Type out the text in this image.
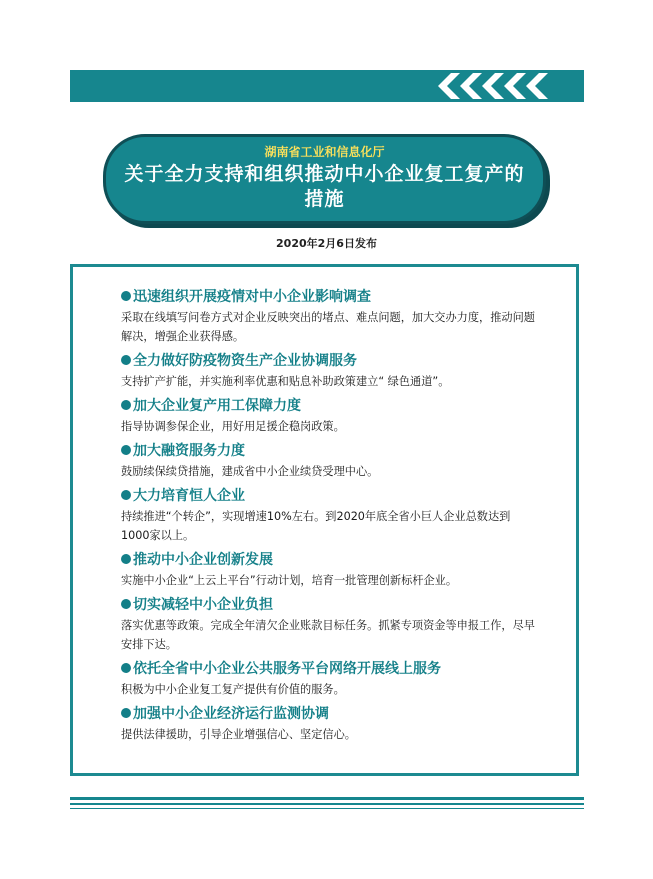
湖南省工业和信息化厅
关于全力支持和组织推动中小企业复工复产的措施
2020年2月6日发布

迅速组织开展疫情对中小企业影响调查

采取在线填写问卷方式对企业反映突出的堵点、难点问题，加大交办力度，推动问题解决，增强企业获得感。

全力做好防疫物资生产企业协调服务

支持扩产扩能，并实施利率优惠和贴息补助政策建立“ 绿色通道”。

加大企业复产用工保障力度

指导协调参保企业，用好用足援企稳岗政策。

加大融资服务力度

鼓励续保续贷措施，建成省中小企业续贷受理中心。

大力培育恒人企业

持续推进“个转企”，实现增速10%左右。到2020年底全省小巨人企业总数达到1000家以上。

推动中小企业创新发展

实施中小企业“上云上平台”行动计划，培育一批管理创新标杆企业。

切实减轻中小企业负担

落实优惠等政策。完成全年清欠企业账款目标任务。抓紧专项资金等申报工作，尽早安排下达。

依托全省中小企业公共服务平台网络开展线上服务

积极为中小企业复工复产提供有价值的服务。

加强中小企业经济运行监测协调

提供法律援助，引导企业增强信心、坚定信心。
